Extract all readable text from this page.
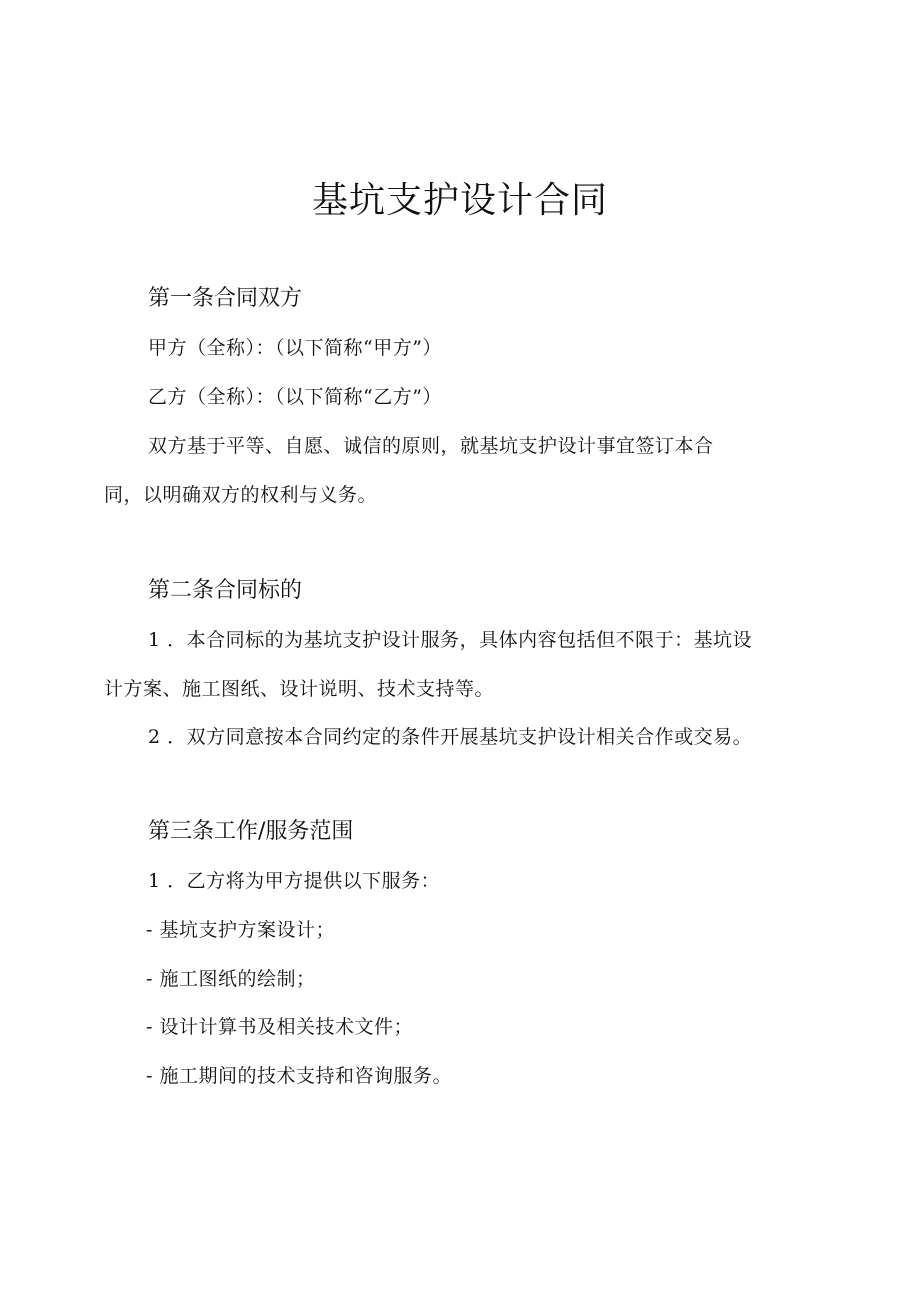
基坑支护设计合同
第一条合同双方

甲方（全称）：（以下简称“甲方”）

乙方（全称）：（以下简称“乙方”）

双方基于平等、自愿、诚信的原则，就基坑支护设计事宜签订本合

同，以明确双方的权利与义务。

第二条合同标的

1 ．本合同标的为基坑支护设计服务，具体内容包括但不限于：基坑设

计方案、施工图纸、设计说明、技术支持等。

2 ．双方同意按本合同约定的条件开展基坑支护设计相关合作或交易。

第三条工作/服务范围

1 ．乙方将为甲方提供以下服务：

- 基坑支护方案设计；

- 施工图纸的绘制；

- 设计计算书及相关技术文件；

- 施工期间的技术支持和咨询服务。
